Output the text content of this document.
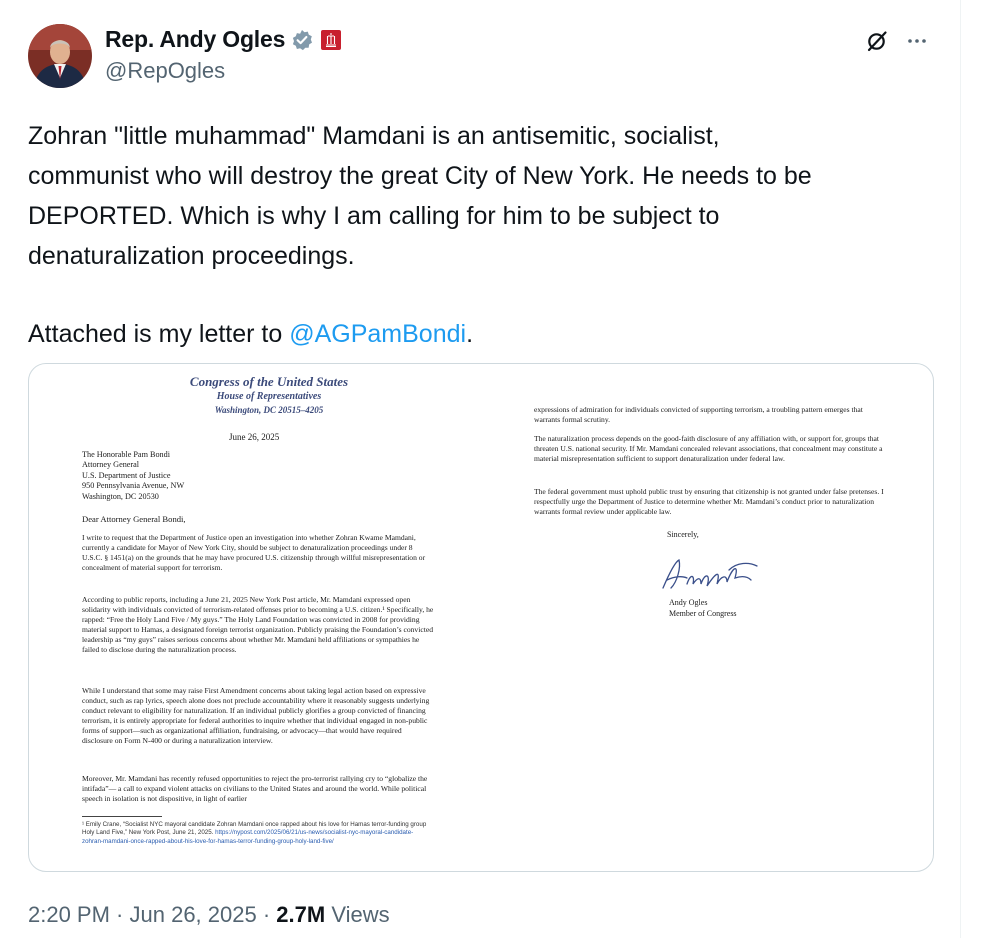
Rep. Andy Ogles
@RepOgles

Zohran "little muhammad" Mamdani is an antisemitic, socialist,

communist who will destroy the great City of New York. He needs to be

DEPORTED. Which is why I am calling for him to be subject to

denaturalization proceedings.

Attached is my letter to @AGPamBondi.

Congress of the United States
House of Representatives
Washington, DC 20515–4205
June 26, 2025
The Honorable Pam Bondi
Attorney General
U.S. Department of Justice
950 Pennsylvania Avenue, NW
Washington, DC 20530
Dear Attorney General Bondi,
I write to request that the Department of Justice open an investigation into whether Zohran Kwame Mamdani, currently a candidate for Mayor of New York City, should be subject to denaturalization proceedings under 8 U.S.C. § 1451(a) on the grounds that he may have procured U.S. citizenship through willful misrepresentation or concealment of material support for terrorism.
According to public reports, including a June 21, 2025 New York Post article, Mr. Mamdani expressed open solidarity with individuals convicted of terrorism-related offenses prior to becoming a U.S. citizen.¹ Specifically, he rapped: “Free the Holy Land Five / My guys.” The Holy Land Foundation was convicted in 2008 for providing material support to Hamas, a designated foreign terrorist organization. Publicly praising the Foundation’s convicted leadership as “my guys” raises serious concerns about whether Mr. Mamdani held affiliations or sympathies he failed to disclose during the naturalization process.
While I understand that some may raise First Amendment concerns about taking legal action based on expressive conduct, such as rap lyrics, speech alone does not preclude accountability where it reasonably suggests underlying conduct relevant to eligibility for naturalization. If an individual publicly glorifies a group convicted of financing terrorism, it is entirely appropriate for federal authorities to inquire whether that individual engaged in non-public forms of support—such as organizational affiliation, fundraising, or advocacy—that would have required disclosure on Form N-400 or during a naturalization interview.
Moreover, Mr. Mamdani has recently refused opportunities to reject the pro-terrorist rallying cry to “globalize the intifada”— a call to expand violent attacks on civilians to the United States and around the world. While political speech in isolation is not dispositive, in light of earlier
¹ Emily Crane, “Socialist NYC mayoral candidate Zohran Mamdani once rapped about his love for Hamas terror-funding group Holy Land Five,” New York Post, June 21, 2025. https://nypost.com/2025/06/21/us-news/socialist-nyc-mayoral-candidate-zohran-mamdani-once-rapped-about-his-love-for-hamas-terror-funding-group-holy-land-five/
expressions of admiration for individuals convicted of supporting terrorism, a troubling pattern emerges that warrants formal scrutiny.
The naturalization process depends on the good-faith disclosure of any affiliation with, or support for, groups that threaten U.S. national security. If Mr. Mamdani concealed relevant associations, that concealment may constitute a material misrepresentation sufficient to support denaturalization under federal law.
The federal government must uphold public trust by ensuring that citizenship is not granted under false pretenses. I respectfully urge the Department of Justice to determine whether Mr. Mamdani’s conduct prior to naturalization warrants formal review under applicable law.
Sincerely,
Andy Ogles
Member of Congress
2:20 PM · Jun 26, 2025 · 2.7M Views
